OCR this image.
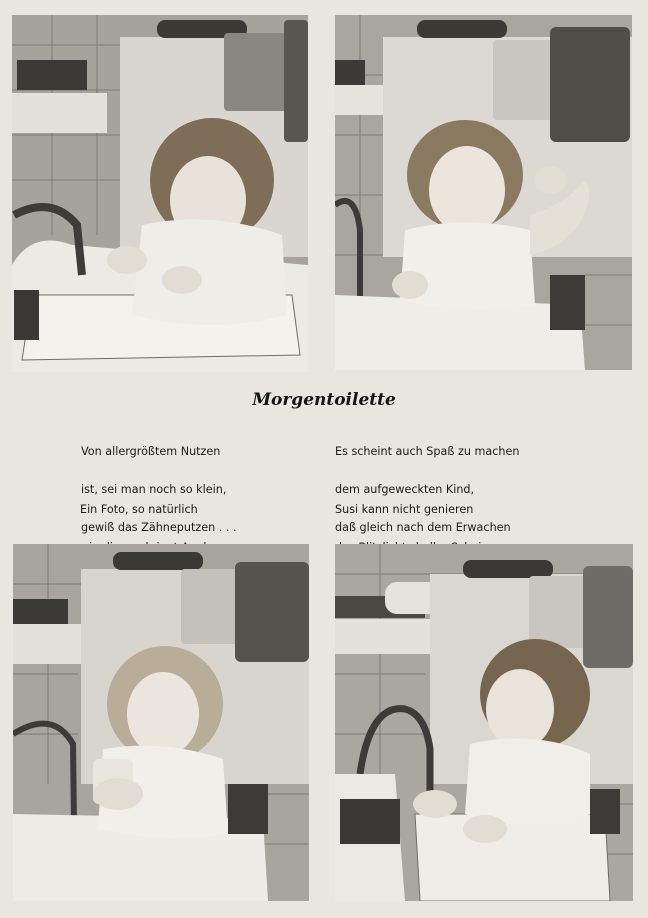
Morgentoilette

Von allergrößtem Nutzen

ist, sei man noch so klein,

gewiß das Zähneputzen . . .

Ein Foto, so natürlich

Es scheint auch Spaß zu machen

dem aufgeweckten Kind,

daß gleich nach dem Erwachen

Susi kann nicht genieren
